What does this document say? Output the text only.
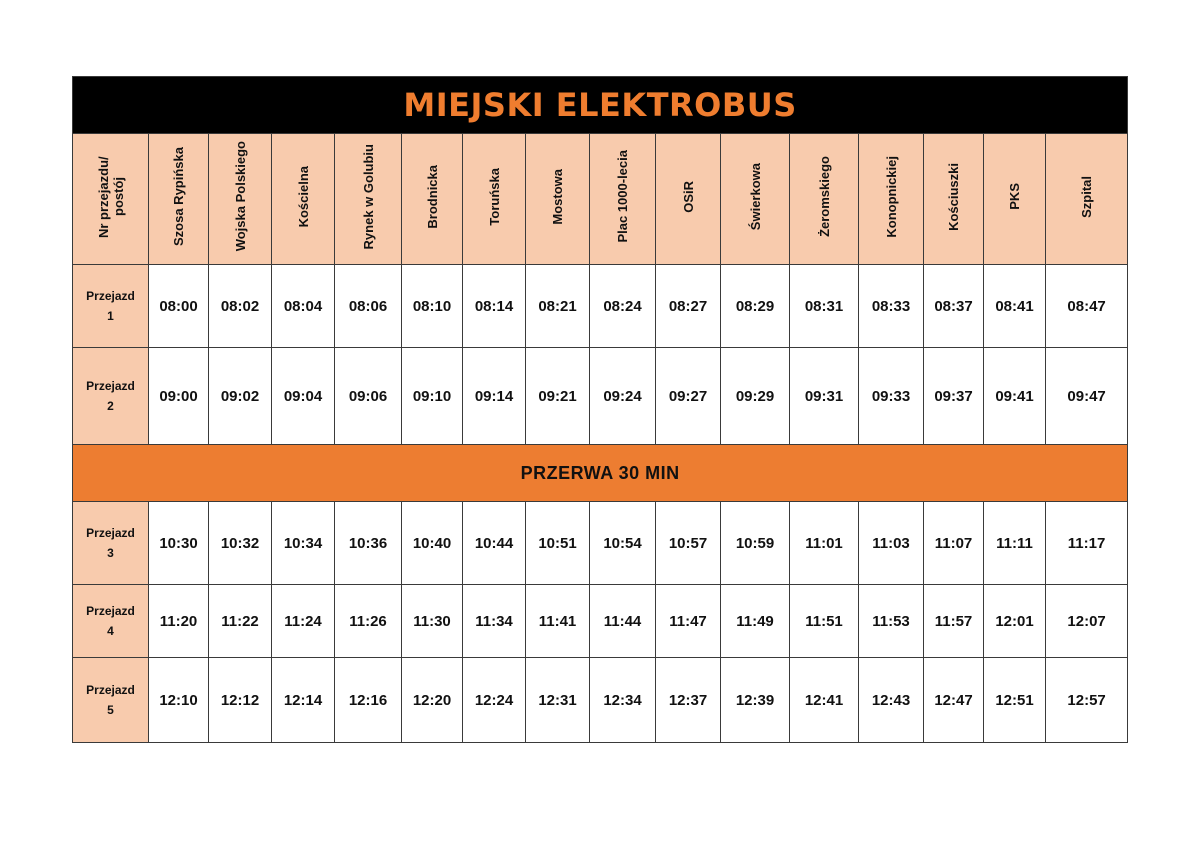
MIEJSKI ELEKTROBUS															
Nr przejazdu/ postój	Szosa Rypińska	Wojska Polskiego	Kościelna	Rynek w Golubiu	Brodnicka	Toruńska	Mostowa	Plac 1000-lecia	OSiR	Świerkowa	Żeromskiego	Konopnickiej	Kościuszki	PKS	Szpital
Przejazd
1	08:00	08:02	08:04	08:06	08:10	08:14	08:21	08:24	08:27	08:29	08:31	08:33	08:37	08:41	08:47
Przejazd
2	09:00	09:02	09:04	09:06	09:10	09:14	09:21	09:24	09:27	09:29	09:31	09:33	09:37	09:41	09:47
PRZERWA 30 MIN															
Przejazd
3	10:30	10:32	10:34	10:36	10:40	10:44	10:51	10:54	10:57	10:59	11:01	11:03	11:07	11:11	11:17
Przejazd
4	11:20	11:22	11:24	11:26	11:30	11:34	11:41	11:44	11:47	11:49	11:51	11:53	11:57	12:01	12:07
Przejazd
5	12:10	12:12	12:14	12:16	12:20	12:24	12:31	12:34	12:37	12:39	12:41	12:43	12:47	12:51	12:57
